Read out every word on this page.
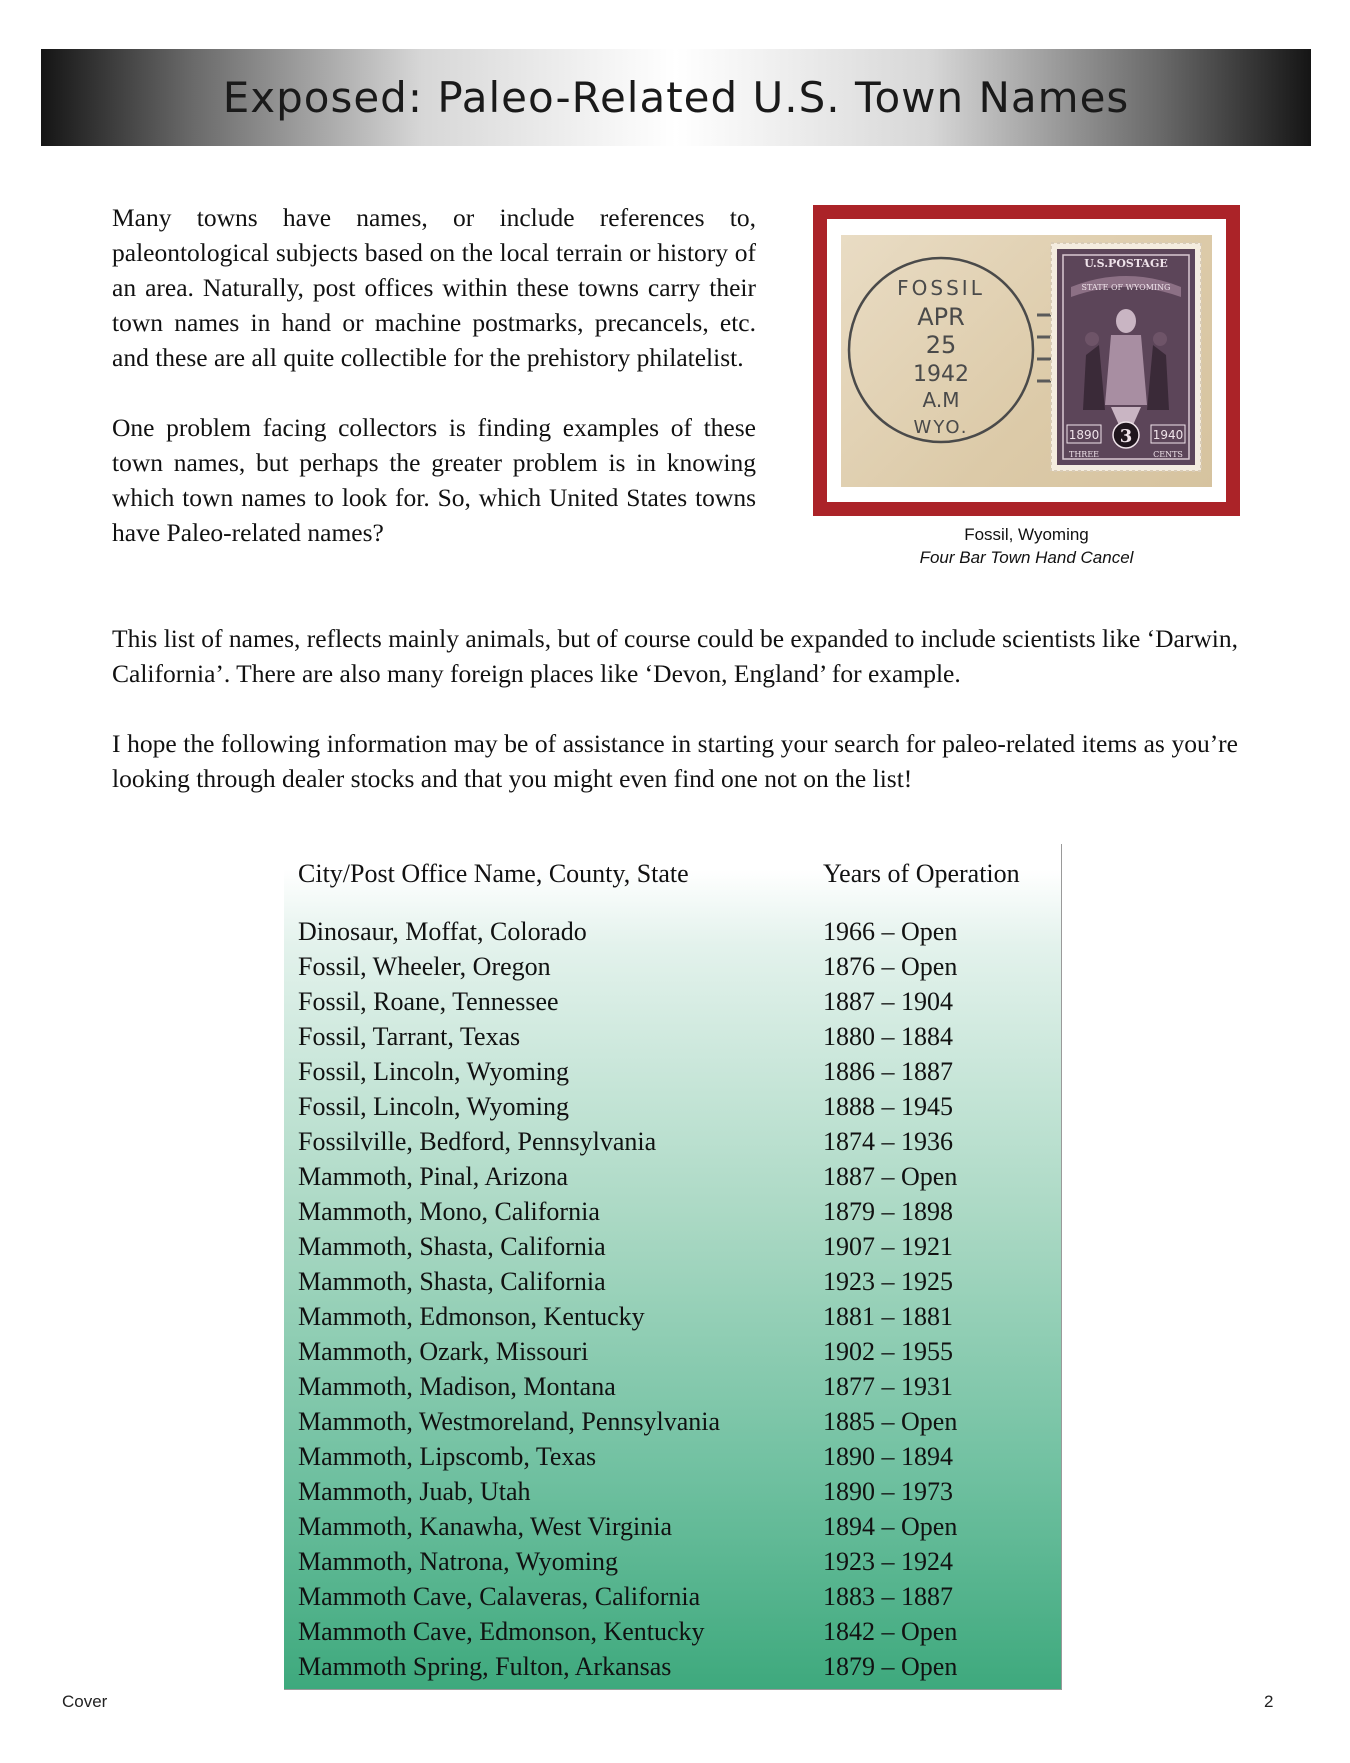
Exposed: Paleo-Related U.S. Town Names

Many towns have names, or include references to, paleontological subjects based on the local terrain or history of an area. Naturally, post offices within these towns carry their town names in hand or machine postmarks, precancels, etc. and these are all quite collectible for the prehistory philatelist.

One problem facing collectors is finding examples of these town names, but perhaps the greater problem is in knowing which town names to look for. So, which United States towns have Paleo-related names?

This list of names, reflects mainly animals, but of course could be expanded to include scientists like ‘Darwin, California’. There are also many foreign places like ‘Devon, England’ for example.

I hope the following information may be of assistance in starting your search for paleo-related items as you’re looking through dealer stocks and that you might even find one not on the list!

FOSSIL
APR
25
1942
A.M
WYO.
U.S.POSTAGE
STATE OF WYOMING
1890	1940
3
THREE	CENTS
Fossil, Wyoming
Four Bar Town Hand Cancel
City/Post Office Name, County, State	Years of Operation
Dinosaur, Moffat, Colorado	1966 – Open
Fossil, Wheeler, Oregon	1876 – Open
Fossil, Roane, Tennessee	1887 – 1904
Fossil, Tarrant, Texas	1880 – 1884
Fossil, Lincoln, Wyoming	1886 – 1887
Fossil, Lincoln, Wyoming	1888 – 1945
Fossilville, Bedford, Pennsylvania	1874 – 1936
Mammoth, Pinal, Arizona	1887 – Open
Mammoth, Mono, California	1879 – 1898
Mammoth, Shasta, California	1907 – 1921
Mammoth, Shasta, California	1923 – 1925
Mammoth, Edmonson, Kentucky	1881 – 1881
Mammoth, Ozark, Missouri	1902 – 1955
Mammoth, Madison, Montana	1877 – 1931
Mammoth, Westmoreland, Pennsylvania	1885 – Open
Mammoth, Lipscomb, Texas	1890 – 1894
Mammoth, Juab, Utah	1890 – 1973
Mammoth, Kanawha, West Virginia	1894 – Open
Mammoth, Natrona, Wyoming	1923 – 1924
Mammoth Cave, Calaveras, California	1883 – 1887
Mammoth Cave, Edmonson, Kentucky	1842 – Open
Mammoth Spring, Fulton, Arkansas	1879 – Open
Cover	2
